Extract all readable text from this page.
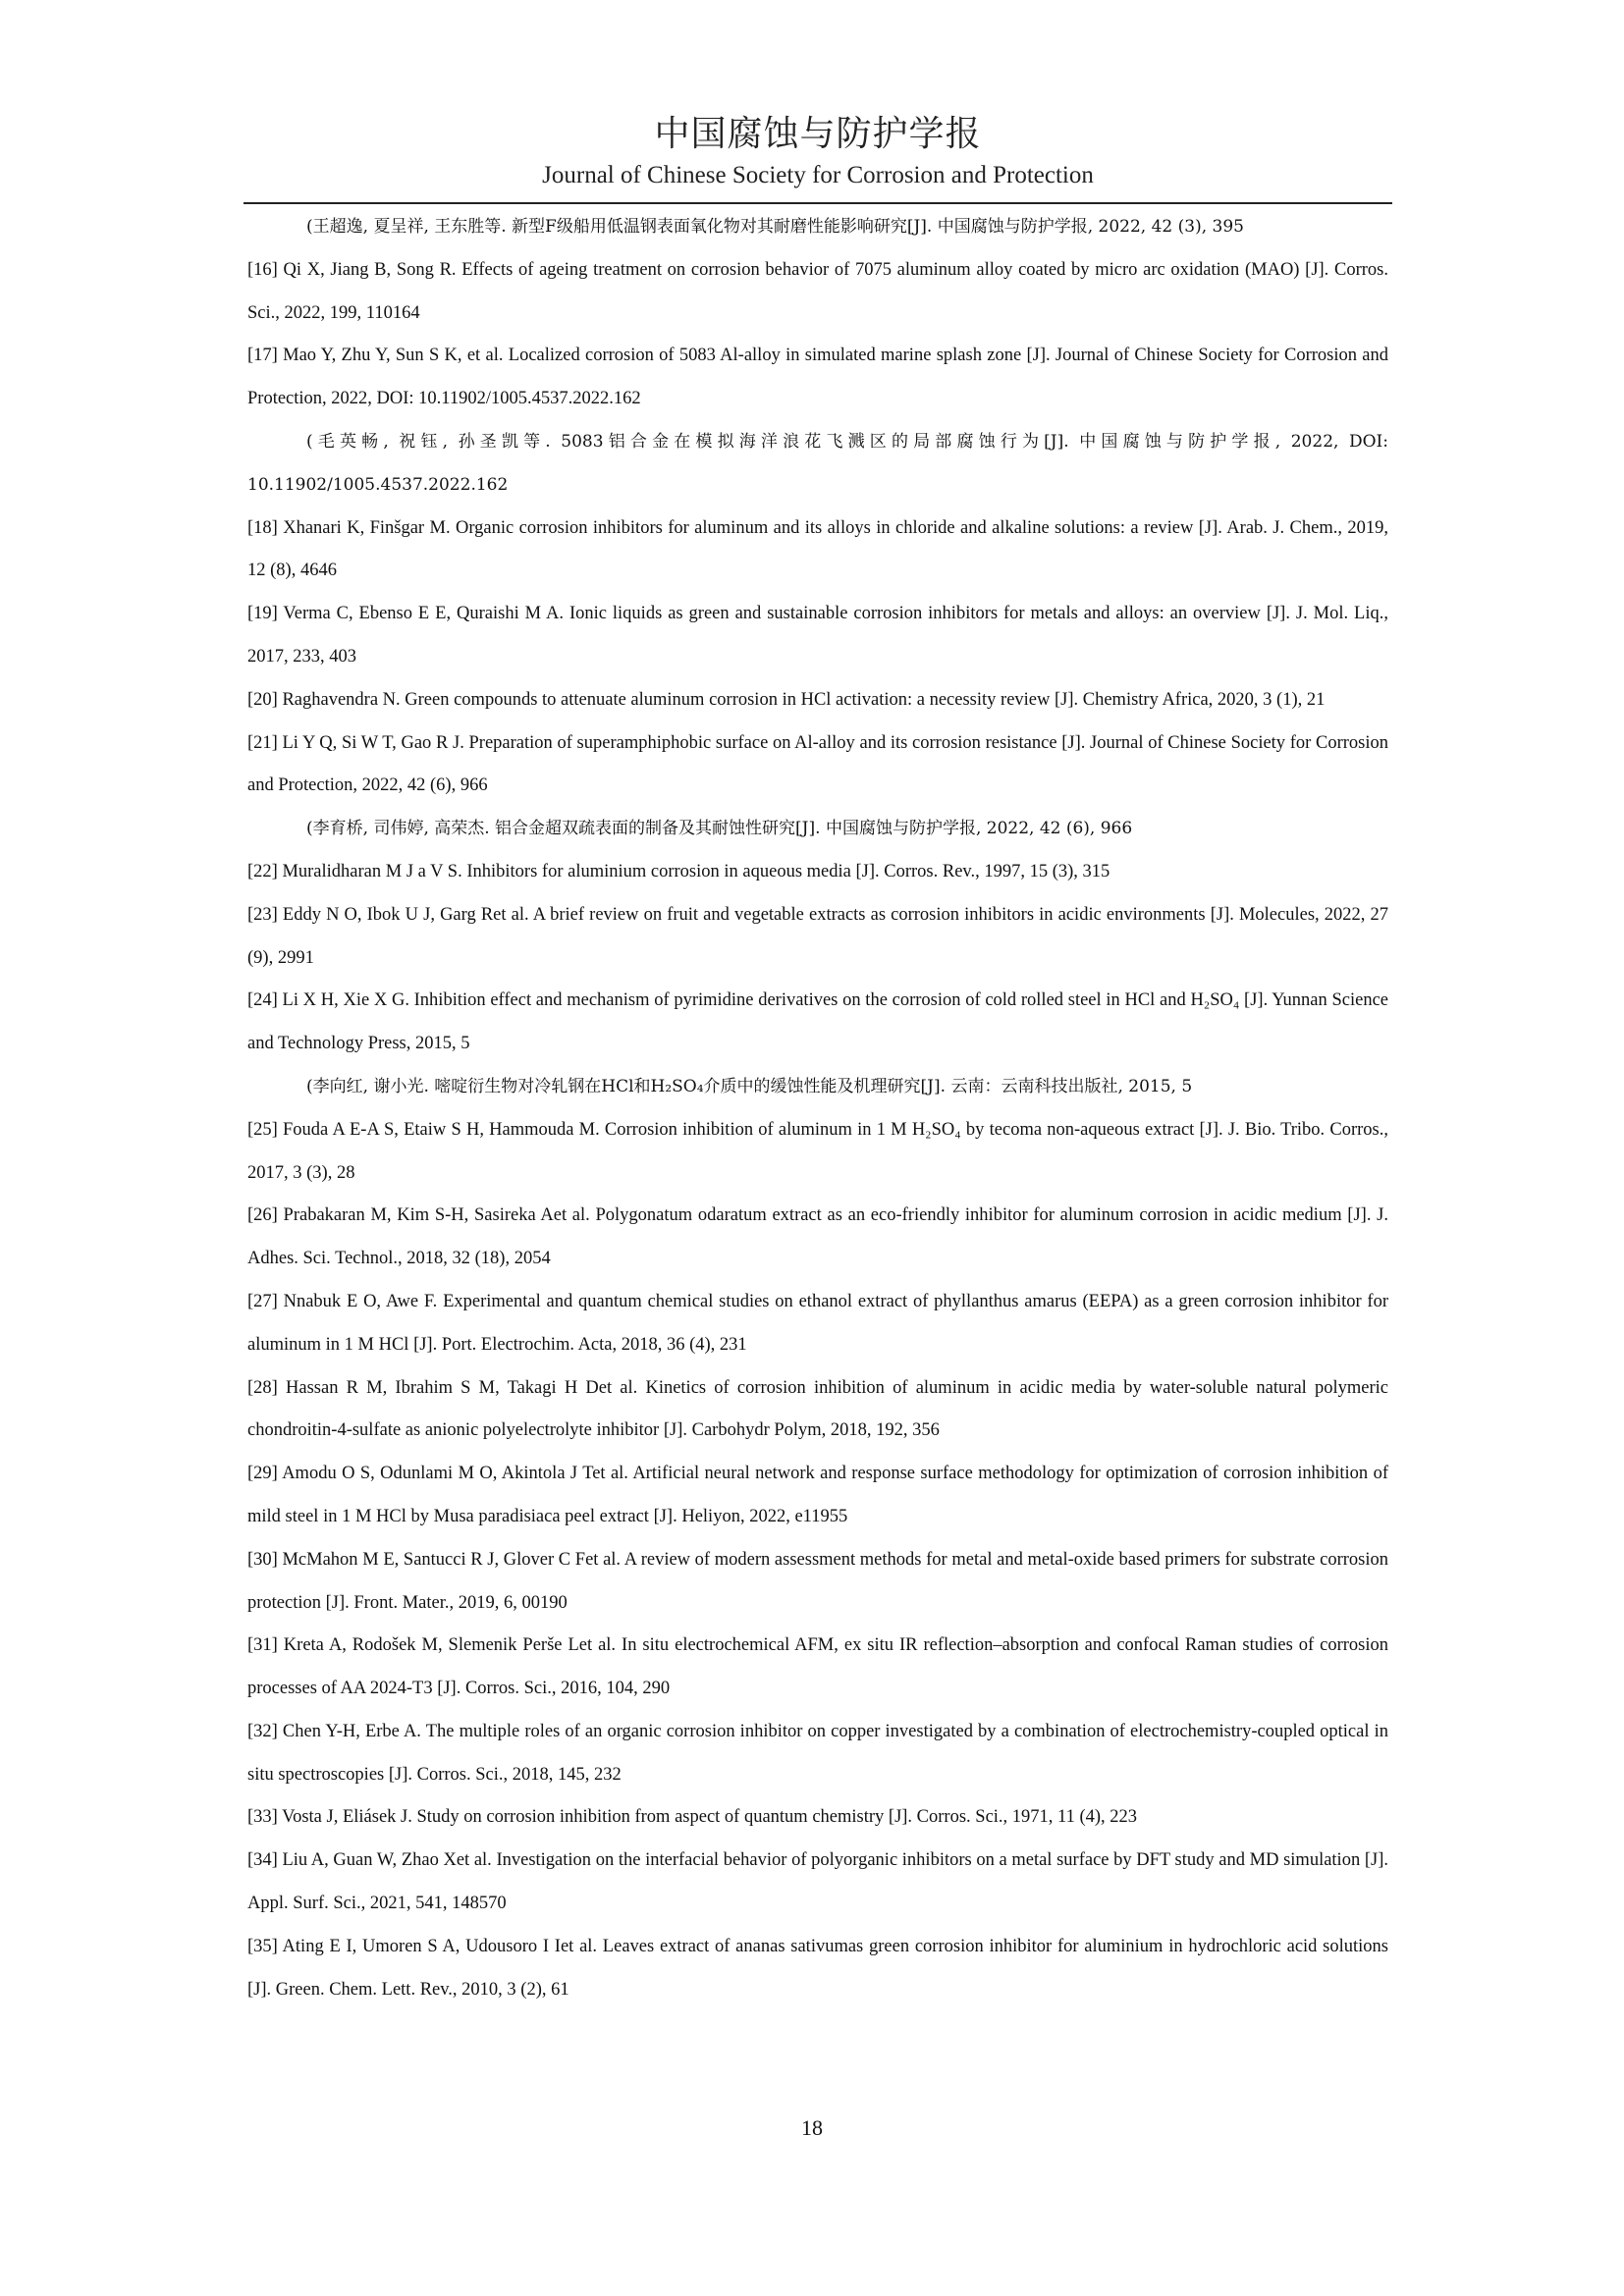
中国腐蚀与防护学报
Journal of Chinese Society for Corrosion and Protection

(王超逸, 夏呈祥, 王东胜等. 新型F级船用低温钢表面氧化物对其耐磨性能影响研究[J]. 中国腐蚀与防护学报, 2022, 42 (3), 395

[16] Qi X, Jiang B, Song R. Effects of ageing treatment on corrosion behavior of 7075 aluminum alloy coated by micro arc oxidation (MAO) [J]. Corros. Sci., 2022, 199, 110164

[17] Mao Y, Zhu Y, Sun S K, et al. Localized corrosion of 5083 Al-alloy in simulated marine splash zone [J]. Journal of Chinese Society for Corrosion and Protection, 2022, DOI: 10.11902/1005.4537.2022.162

(毛英畅, 祝钰, 孙圣凯等. 5083铝合金在模拟海洋浪花飞溅区的局部腐蚀行为[J]. 中国腐蚀与防护学报, 2022, DOI: 10.11902/1005.4537.2022.162

[18] Xhanari K, Finšgar M. Organic corrosion inhibitors for aluminum and its alloys in chloride and alkaline solutions: a review [J]. Arab. J. Chem., 2019, 12 (8), 4646

[19] Verma C, Ebenso E E, Quraishi M A. Ionic liquids as green and sustainable corrosion inhibitors for metals and alloys: an overview [J]. J. Mol. Liq., 2017, 233, 403

[20] Raghavendra N. Green compounds to attenuate aluminum corrosion in HCl activation: a necessity review [J]. Chemistry Africa, 2020, 3 (1), 21

[21] Li Y Q, Si W T, Gao R J. Preparation of superamphiphobic surface on Al-alloy and its corrosion resistance [J]. Journal of Chinese Society for Corrosion and Protection, 2022, 42 (6), 966

(李育桥, 司伟婷, 高荣杰. 铝合金超双疏表面的制备及其耐蚀性研究[J]. 中国腐蚀与防护学报, 2022, 42 (6), 966

[22] Muralidharan M J a V S. Inhibitors for aluminium corrosion in aqueous media [J]. Corros. Rev., 1997, 15 (3), 315

[23] Eddy N O, Ibok U J, Garg Ret al. A brief review on fruit and vegetable extracts as corrosion inhibitors in acidic environments [J]. Molecules, 2022, 27 (9), 2991

[24] Li X H, Xie X G. Inhibition effect and mechanism of pyrimidine derivatives on the corrosion of cold rolled steel in HCl and H₂SO₄ [J]. Yunnan Science and Technology Press, 2015, 5

(李向红, 谢小光. 嘧啶衍生物对冷轧钢在HCl和H₂SO₄介质中的缓蚀性能及机理研究[J]. 云南：云南科技出版社, 2015, 5

[25] Fouda A E-A S, Etaiw S H, Hammouda M. Corrosion inhibition of aluminum in 1 M H₂SO₄ by tecoma non-aqueous extract [J]. J. Bio. Tribo. Corros., 2017, 3 (3), 28

[26] Prabakaran M, Kim S-H, Sasireka Aet al. Polygonatum odaratum extract as an eco-friendly inhibitor for aluminum corrosion in acidic medium [J]. J. Adhes. Sci. Technol., 2018, 32 (18), 2054

[27] Nnabuk E O, Awe F. Experimental and quantum chemical studies on ethanol extract of phyllanthus amarus (EEPA) as a green corrosion inhibitor for aluminum in 1 M HCl [J]. Port. Electrochim. Acta, 2018, 36 (4), 231

[28] Hassan R M, Ibrahim S M, Takagi H Det al. Kinetics of corrosion inhibition of aluminum in acidic media by water-soluble natural polymeric chondroitin-4-sulfate as anionic polyelectrolyte inhibitor [J]. Carbohydr Polym, 2018, 192, 356

[29] Amodu O S, Odunlami M O, Akintola J Tet al. Artificial neural network and response surface methodology for optimization of corrosion inhibition of mild steel in 1 M HCl by Musa paradisiaca peel extract [J]. Heliyon, 2022, e11955

[30] McMahon M E, Santucci R J, Glover C Fet al. A review of modern assessment methods for metal and metal-oxide based primers for substrate corrosion protection [J]. Front. Mater., 2019, 6, 00190

[31] Kreta A, Rodošek M, Slemenik Perše Let al. In situ electrochemical AFM, ex situ IR reflection–absorption and confocal Raman studies of corrosion processes of AA 2024-T3 [J]. Corros. Sci., 2016, 104, 290

[32] Chen Y-H, Erbe A. The multiple roles of an organic corrosion inhibitor on copper investigated by a combination of electrochemistry-coupled optical in situ spectroscopies [J]. Corros. Sci., 2018, 145, 232

[33] Vosta J, Eliásek J. Study on corrosion inhibition from aspect of quantum chemistry [J]. Corros. Sci., 1971, 11 (4), 223

[34] Liu A, Guan W, Zhao Xet al. Investigation on the interfacial behavior of polyorganic inhibitors on a metal surface by DFT study and MD simulation [J]. Appl. Surf. Sci., 2021, 541, 148570

[35] Ating E I, Umoren S A, Udousoro I Iet al. Leaves extract of ananas sativumas green corrosion inhibitor for aluminium in hydrochloric acid solutions [J]. Green. Chem. Lett. Rev., 2010, 3 (2), 61

18
